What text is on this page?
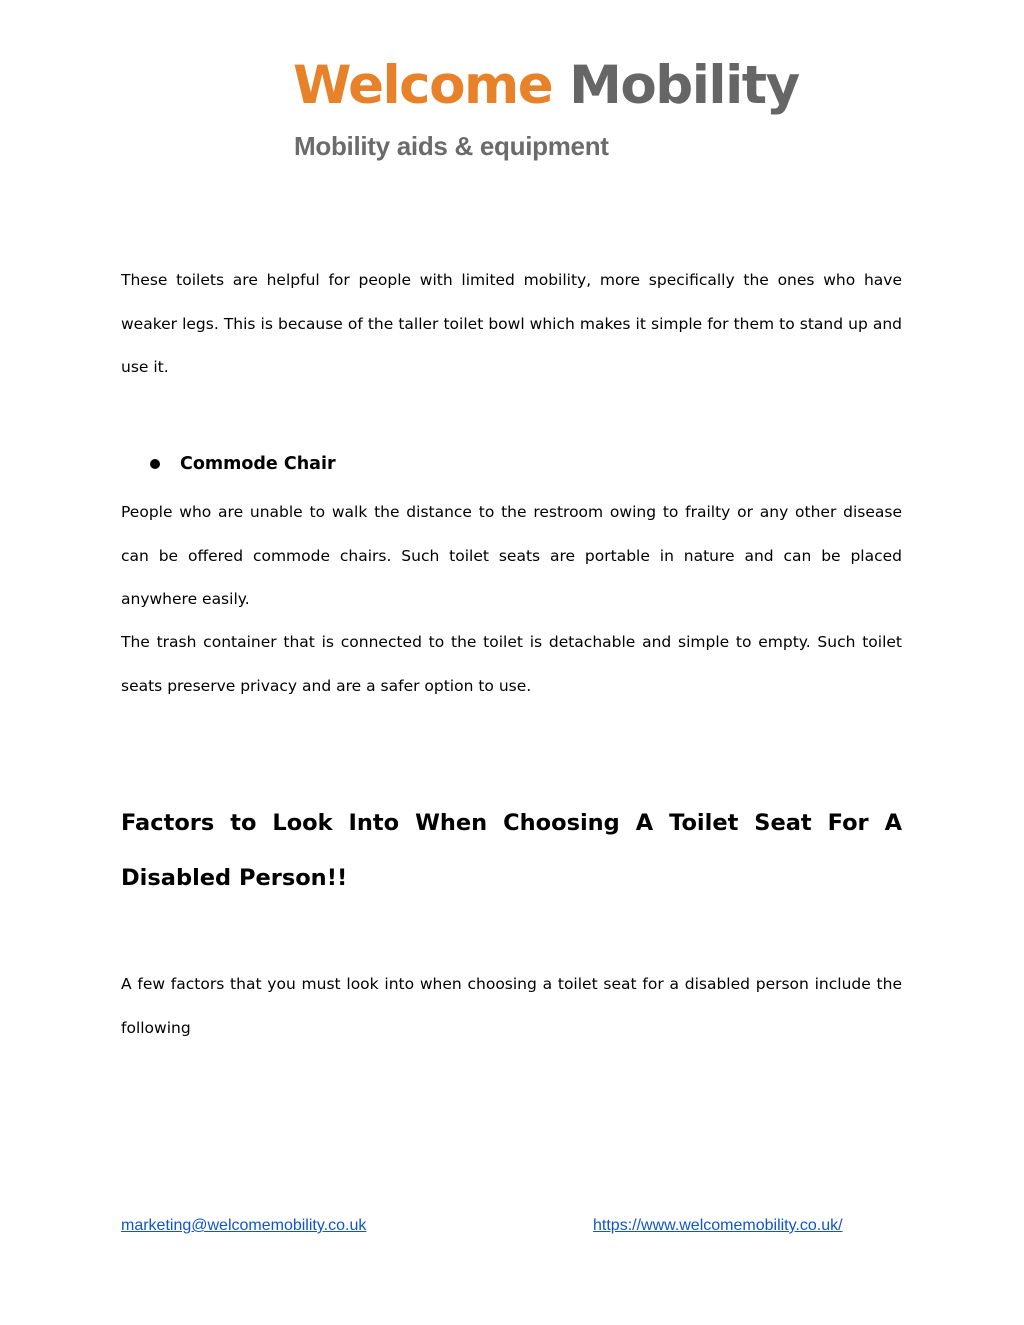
Welcome Mobility
Mobility aids & equipment

These toilets are helpful for people with limited mobility, more specifically the ones who have weaker legs. This is because of the taller toilet bowl which makes it simple for them to stand up and use it.

Commode Chair

People who are unable to walk the distance to the restroom owing to frailty or any other disease can be offered commode chairs. Such toilet seats are portable in nature and can be placed anywhere easily.

The trash container that is connected to the toilet is detachable and simple to empty. Such toilet seats preserve privacy and are a safer option to use.

Factors to Look Into When Choosing A Toilet Seat For A Disabled Person!!

A few factors that you must look into when choosing a toilet seat for a disabled person include the following

marketing@welcomemobility.co.uk	https://www.welcomemobility.co.uk/
